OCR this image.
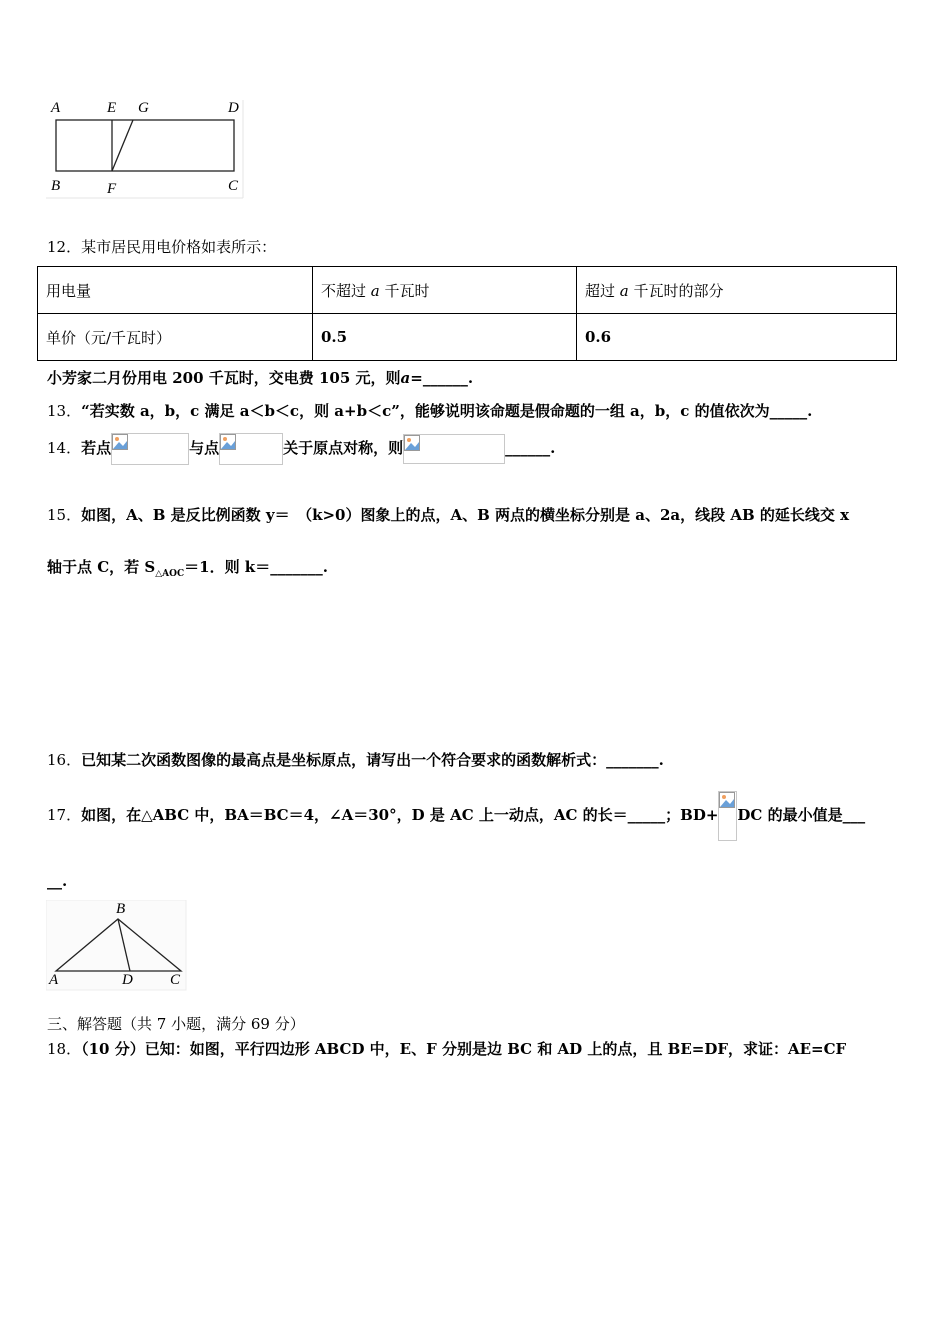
A	E G	D
B	F	C
12．某市居民用电价格如表所示：
用电量	不超过 a 千瓦时	超过 a 千瓦时的部分
单价（元/千瓦时）	0.5	0.6
小芳家二月份用电 200 千瓦时，交电费 105 元，则a=______.
13．“若实数 a，b，c 满足 a＜b＜c，则 a+b＜c”，能够说明该命题是假命题的一组 a，b，c 的值依次为_____.
14．若点	与点	关于原点对称，则	______.
15．如图，A、B 是反比例函数 y＝　（k>0）图象上的点，A、B 两点的横坐标分别是 a、2a，线段 AB 的延长线交 x
轴于点 C，若 $S_{\triangle AOC}=1$．则 k＝_______.
16．已知某二次函数图像的最高点是坐标原点，请写出一个符合要求的函数解析式：_______.
17．如图，在△ABC 中，BA＝BC＝4，∠A＝30°，D 是 AC 上一动点，AC 的长＝_____；BD+ DC 的最小值是___
__.
B
A	D C
三、解答题（共 7 小题，满分 69 分）
18．（10 分）已知：如图，平行四边形 ABCD 中，E、F 分别是边 BC 和 AD 上的点，且 BE=DF，求证：AE=CF
